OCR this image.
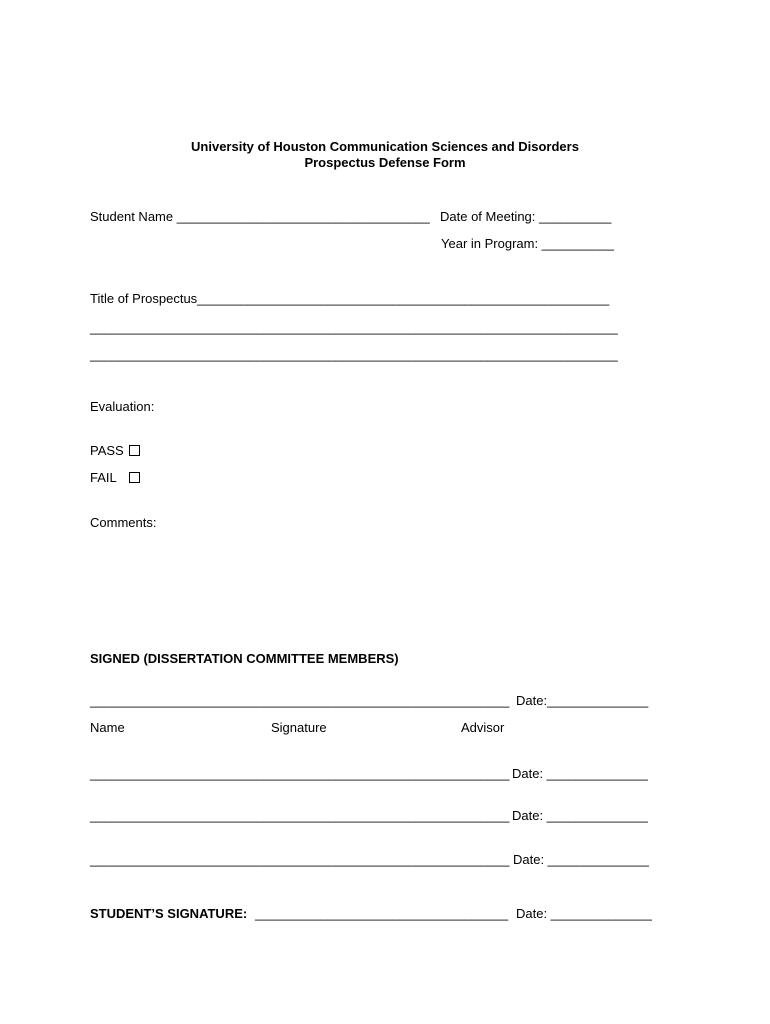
University of Houston Communication Sciences and Disorders
Prospectus Defense Form
Student Name ___________________________________ Date of Meeting: __________
Year in Program: __________
Title of Prospectus_________________________________________________________
_________________________________________________________________________
_________________________________________________________________________
Evaluation:
PASS
FAIL
Comments:
SIGNED (DISSERTATION COMMITTEE MEMBERS)
__________________________________________________________ Date:______________
Name	Signature	Advisor
__________________________________________________________ Date: ______________
__________________________________________________________ Date: ______________
__________________________________________________________ Date: ______________
STUDENT’S SIGNATURE: ___________________________________ Date: ______________
